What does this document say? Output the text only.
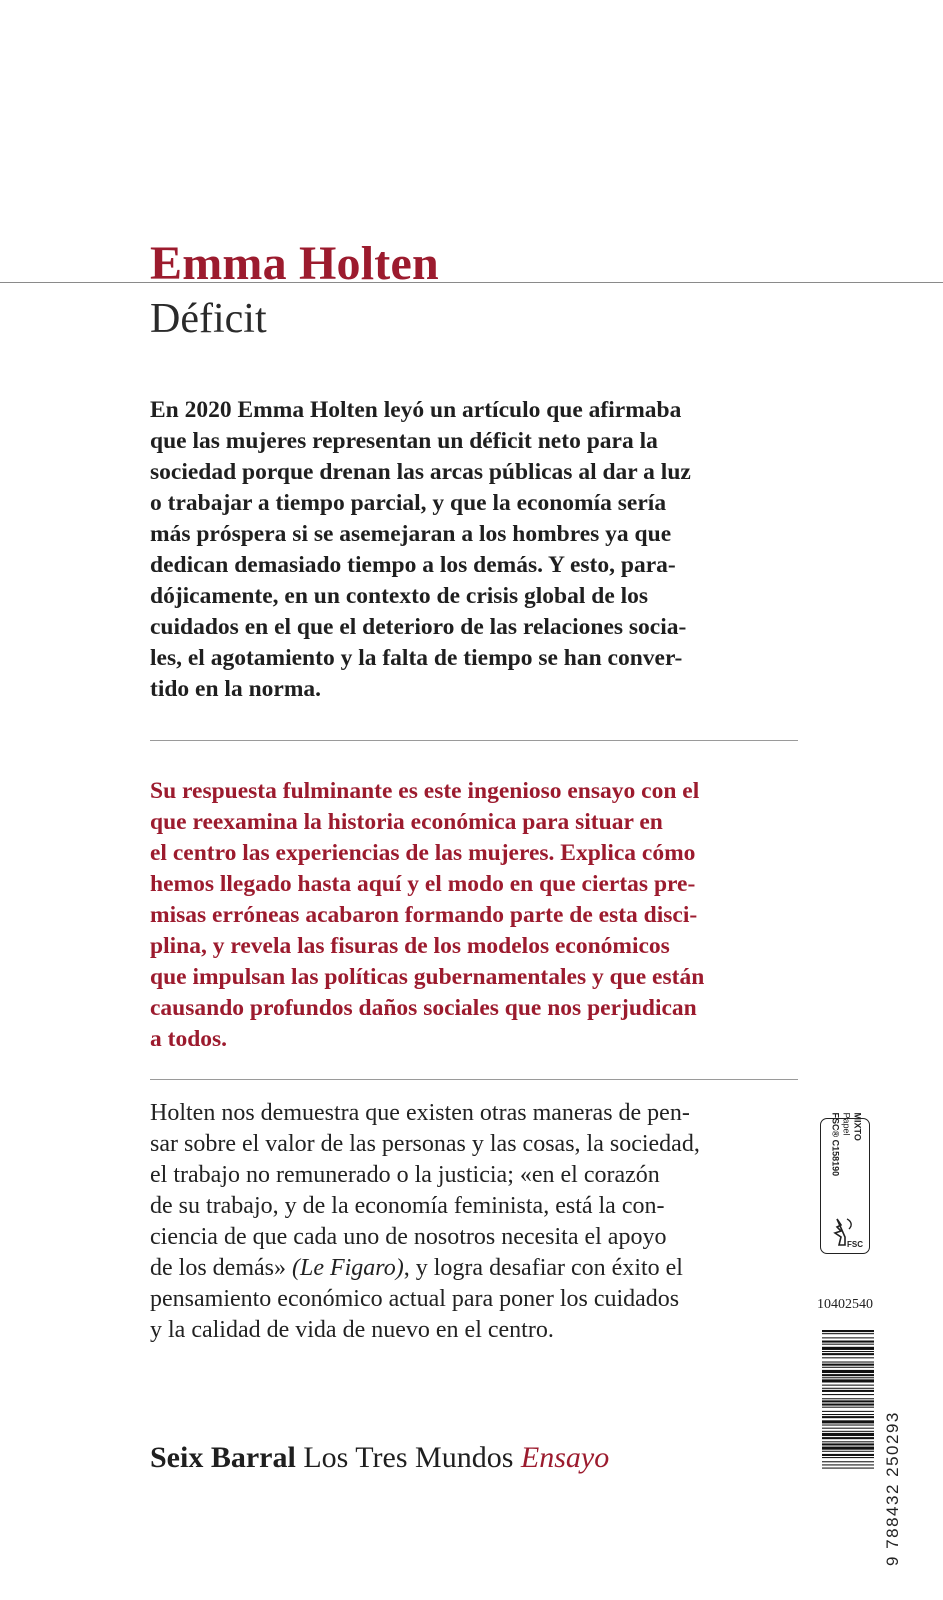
Emma Holten
Déficit

En 2020 Emma Holten leyó un artículo que afirmaba
que las mujeres representan un déficit neto para la
sociedad porque drenan las arcas públicas al dar a luz
o trabajar a tiempo parcial, y que la economía sería
más próspera si se asemejaran a los hombres ya que
dedican demasiado tiempo a los demás. Y esto, para-
dójicamente, en un contexto de crisis global de los
cuidados en el que el deterioro de las relaciones socia-
les, el agotamiento y la falta de tiempo se han conver-
tido en la norma.

Su respuesta fulminante es este ingenioso ensayo con el
que reexamina la historia económica para situar en
el centro las experiencias de las mujeres. Explica cómo
hemos llegado hasta aquí y el modo en que ciertas pre-
misas erróneas acabaron formando parte de esta disci-
plina, y revela las fisuras de los modelos económicos
que impulsan las políticas gubernamentales y que están
causando profundos daños sociales que nos perjudican
a todos.

Holten nos demuestra que existen otras maneras de pen-
sar sobre el valor de las personas y las cosas, la sociedad,
el trabajo no remunerado o la justicia; «en el corazón
de su trabajo, y de la economía feminista, está la con-
ciencia de que cada uno de nosotros necesita el apoyo
de los demás» (Le Figaro), y logra desafiar con éxito el
pensamiento económico actual para poner los cuidados
y la calidad de vida de nuevo en el centro.

Seix Barral Los Tres Mundos Ensayo

MIXTO
Papel
FSC® C158190
FSC

10402540

9 788432 250293
